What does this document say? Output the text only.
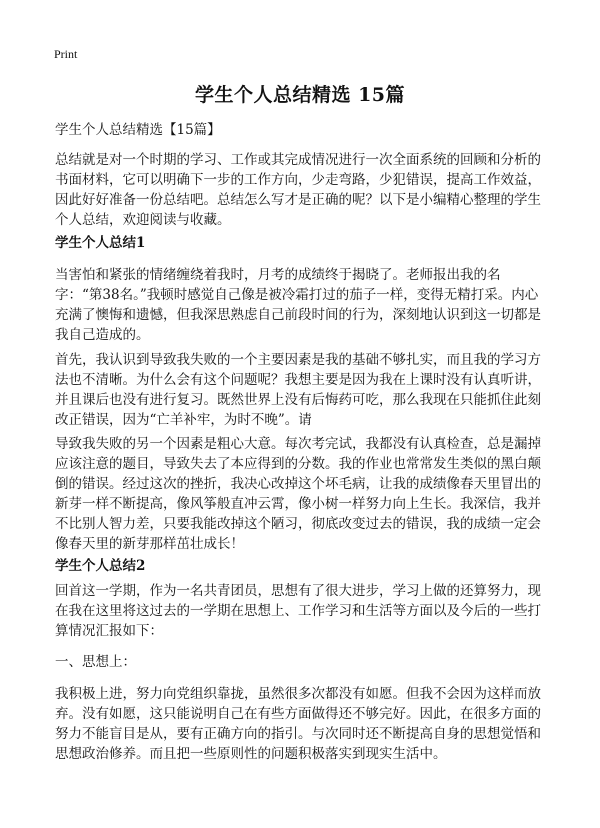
Print
学生个人总结精选 15篇
学生个人总结精选【15篇】

总结就是对一个时期的学习、工作或其完成情况进行一次全面系统的回顾和分析的书面材料，它可以明确下一步的工作方向，少走弯路，少犯错误，提高工作效益，因此好好准备一份总结吧。总结怎么写才是正确的呢？以下是小编精心整理的学生个人总结，欢迎阅读与收藏。

学生个人总结1

当害怕和紧张的情绪缠绕着我时，月考的成绩终于揭晓了。老师报出我的名字：“第38名。”我顿时感觉自己像是被冷霜打过的茄子一样，变得无精打采。内心充满了懊悔和遗憾，但我深思熟虑自己前段时间的行为，深刻地认识到这一切都是我自己造成的。

首先，我认识到导致我失败的一个主要因素是我的基础不够扎实，而且我的学习方法也不清晰。为什么会有这个问题呢？我想主要是因为我在上课时没有认真听讲，并且课后也没有进行复习。既然世界上没有后悔药可吃，那么我现在只能抓住此刻改正错误，因为“亡羊补牢，为时不晚”。请

导致我失败的另一个因素是粗心大意。每次考完试，我都没有认真检查，总是漏掉应该注意的题目，导致失去了本应得到的分数。我的作业也常常发生类似的黑白颠倒的错误。经过这次的挫折，我决心改掉这个坏毛病，让我的成绩像春天里冒出的新芽一样不断提高，像风筝般直冲云霄，像小树一样努力向上生长。我深信，我并不比别人智力差，只要我能改掉这个陋习，彻底改变过去的错误，我的成绩一定会像春天里的新芽那样茁壮成长！

学生个人总结2

回首这一学期，作为一名共青团员，思想有了很大进步，学习上做的还算努力，现在我在这里将这过去的一学期在思想上、工作学习和生活等方面以及今后的一些打算情况汇报如下：

一、思想上：

我积极上进，努力向党组织靠拢，虽然很多次都没有如愿。但我不会因为这样而放弃。没有如愿，这只能说明自己在有些方面做得还不够完好。因此，在很多方面的努力不能盲目是从，要有正确方向的指引。与次同时还不断提高自身的思想觉悟和思想政治修养。而且把一些原则性的问题积极落实到现实生活中。
